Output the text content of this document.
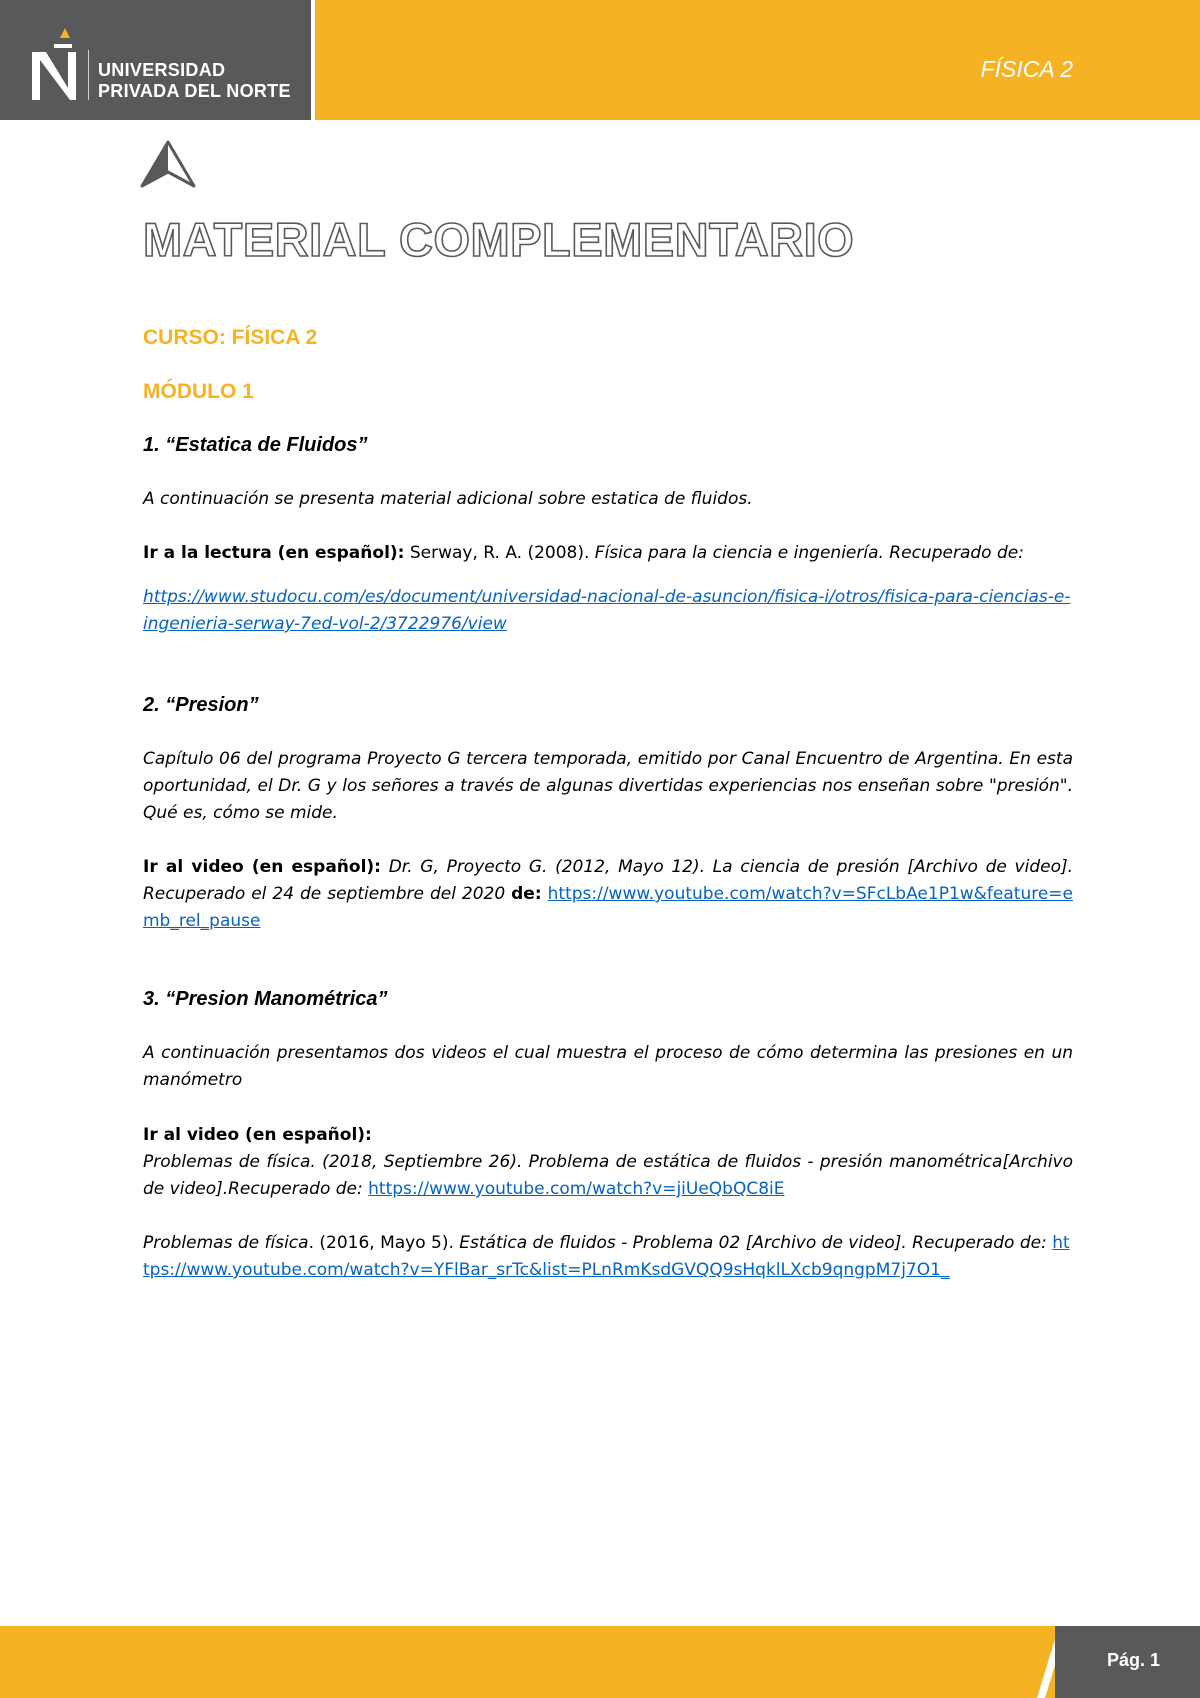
UNIVERSIDAD
PRIVADA DEL NORTE
FÍSICA 2
MATERIAL COMPLEMENTARIO
CURSO: FÍSICA 2
MÓDULO 1
1. “Estatica de Fluidos”

A continuación se presenta material adicional sobre estatica de fluidos.

Ir a la lectura (en español): Serway, R. A. (2008). Física para la ciencia e ingeniería. Recuperado de:

https://www.studocu.com/es/document/universidad-nacional-de-asuncion/fisica-i/otros/fisica-para-ciencias-e-ingenieria-serway-7ed-vol-2/3722976/view

2. “Presion”

Capítulo 06 del programa Proyecto G tercera temporada, emitido por Canal Encuentro de Argentina. En esta oportunidad, el Dr. G y los señores a través de algunas divertidas experiencias nos enseñan sobre "presión". Qué es, cómo se mide.

Ir al video (en español): Dr. G, Proyecto G. (2012, Mayo 12). La ciencia de presión [Archivo de video]. Recuperado el 24 de septiembre del 2020 de: https://www.youtube.com/watch?v=SFcLbAe1P1w&feature=emb_rel_pause

3. “Presion Manométrica”

A continuación presentamos dos videos el cual muestra el proceso de cómo determina las presiones en un manómetro

Ir al video (en español):

Problemas de física. (2018, Septiembre 26). Problema de estática de fluidos - presión manométrica[Archivo de video].Recuperado de: https://www.youtube.com/watch?v=jiUeQbQC8iE

Problemas de física. (2016, Mayo 5). Estática de fluidos - Problema 02 [Archivo de video]. Recuperado de: https://www.youtube.com/watch?v=YFlBar_srTc&list=PLnRmKsdGVQQ9sHqklLXcb9qngpM7j7O1_

Pág. 1
